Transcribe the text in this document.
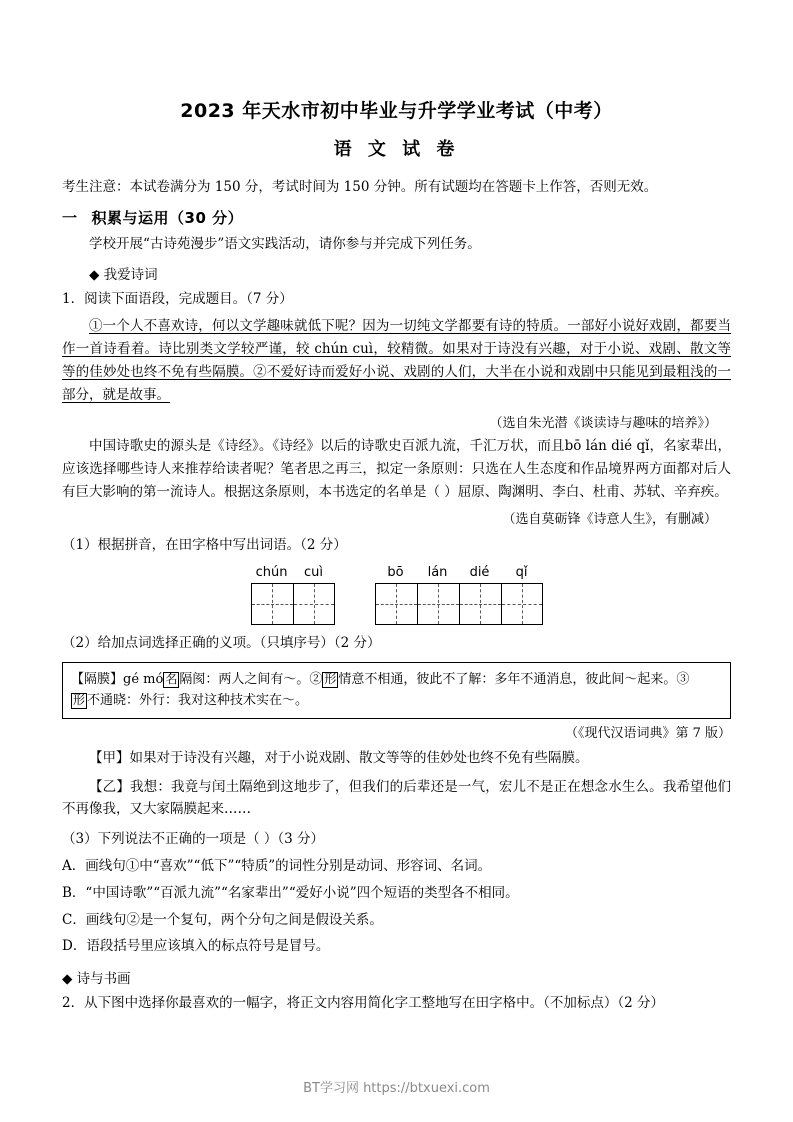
2023 年天水市初中毕业与升学学业考试（中考）
语 文 试 卷
考生注意：本试卷满分为 150 分，考试时间为 150 分钟。所有试题均在答题卡上作答，否则无效。
一 积累与运用（30 分）
学校开展“古诗苑漫步”语文实践活动，请你参与并完成下列任务。
◆ 我爱诗词
1．阅读下面语段，完成题目。（7 分）
①一个人不喜欢诗，何以文学趣味就低下呢？因为一切纯文学都要有诗的特质。一部好小说好戏剧，都要当作一首诗看着。诗比别类文学较严谨，较 chún cuì，较精微。如果对于诗没有兴趣，对于小说、戏剧、散文等等的佳妙处也终不免有些隔膜。②不爱好诗而爱好小说、戏剧的人们，大半在小说和戏剧中只能见到最粗浅的一部分，就是故事。
（选自朱光潜《谈读诗与趣味的培养》）
中国诗歌史的源头是《诗经》。《诗经》以后的诗歌史百派九流，千汇万状，而且bō lán dié qǐ，名家辈出，应该选择哪些诗人来推荐给读者呢？笔者思之再三，拟定一条原则：只选在人生态度和作品境界两方面都对后人有巨大影响的第一流诗人。根据这条原则，本书选定的名单是（ ）屈原、陶渊明、李白、杜甫、苏轼、辛弃疾。
（选自莫砺锋《诗意人生》，有删减）
（1）根据拼音，在田字格中写出词语。（2 分）
chún	cuì	bō	lán	dié	qǐ
（2）给加点词选择正确的义项。（只填序号）（2 分）
【隔膜】gé mó 名 隔阂：两人之间有～。② 形 情意不相通，彼此不了解：多年不通消息，彼此间～起来。③
形 不通晓：外行：我对这种技术实在～。
（《现代汉语词典》第 7 版）
【甲】如果对于诗没有兴趣，对于小说戏剧、散文等等的佳妙处也终不免有些隔膜。
【乙】我想：我竟与闰土隔绝到这地步了，但我们的后辈还是一气，宏儿不是正在想念水生么。我希望他们不再像我，又大家隔膜起来……
（3）下列说法不正确的一项是（ ）（3 分）
A．画线句①中“喜欢”“低下”“特质”的词性分别是动词、形容词、名词。
B．“中国诗歌”“百派九流”“名家辈出”“爱好小说”四个短语的类型各不相同。
C．画线句②是一个复句，两个分句之间是假设关系。
D．语段括号里应该填入的标点符号是冒号。
◆ 诗与书画
2．从下图中选择你最喜欢的一幅字，将正文内容用简化字工整地写在田字格中。（不加标点）（2 分）
BT学习网 https://btxuexi.com
